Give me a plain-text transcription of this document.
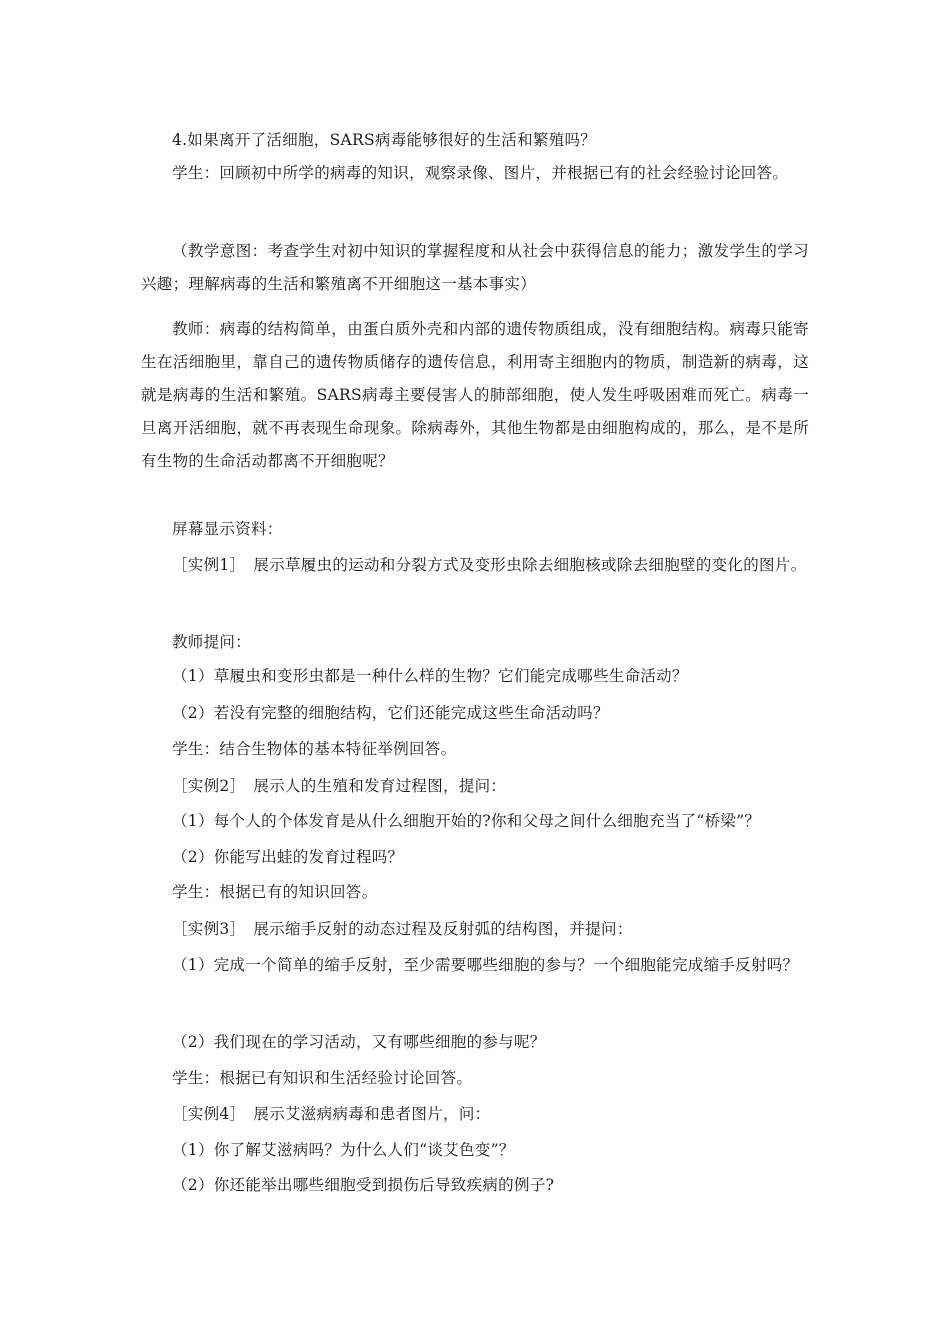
4.如果离开了活细胞，SARS病毒能够很好的生活和繁殖吗？

学生：回顾初中所学的病毒的知识，观察录像、图片，并根据已有的社会经验讨论回答。

（教学意图：考查学生对初中知识的掌握程度和从社会中获得信息的能力；激发学生的学习兴趣；理解病毒的生活和繁殖离不开细胞这一基本事实）

教师：病毒的结构简单，由蛋白质外壳和内部的遗传物质组成，没有细胞结构。病毒只能寄生在活细胞里，靠自己的遗传物质储存的遗传信息，利用寄主细胞内的物质，制造新的病毒，这就是病毒的生活和繁殖。SARS病毒主要侵害人的肺部细胞，使人发生呼吸困难而死亡。病毒一旦离开活细胞，就不再表现生命现象。除病毒外，其他生物都是由细胞构成的，那么，是不是所有生物的生命活动都离不开细胞呢？

屏幕显示资料：

［实例1］　展示草履虫的运动和分裂方式及变形虫除去细胞核或除去细胞壁的变化的图片。

教师提问：

（1）草履虫和变形虫都是一种什么样的生物？它们能完成哪些生命活动？

（2）若没有完整的细胞结构，它们还能完成这些生命活动吗？

学生：结合生物体的基本特征举例回答。

［实例2］　展示人的生殖和发育过程图，提问：

（1）每个人的个体发育是从什么细胞开始的?你和父母之间什么细胞充当了“桥梁”？

（2）你能写出蛙的发育过程吗？

学生：根据已有的知识回答。

［实例3］　展示缩手反射的动态过程及反射弧的结构图，并提问：

（1）完成一个简单的缩手反射，至少需要哪些细胞的参与？一个细胞能完成缩手反射吗？

（2）我们现在的学习活动，又有哪些细胞的参与呢？

学生：根据已有知识和生活经验讨论回答。

［实例4］　展示艾滋病病毒和患者图片，问：

（1）你了解艾滋病吗？为什么人们“谈艾色变”？

（2）你还能举出哪些细胞受到损伤后导致疾病的例子?
